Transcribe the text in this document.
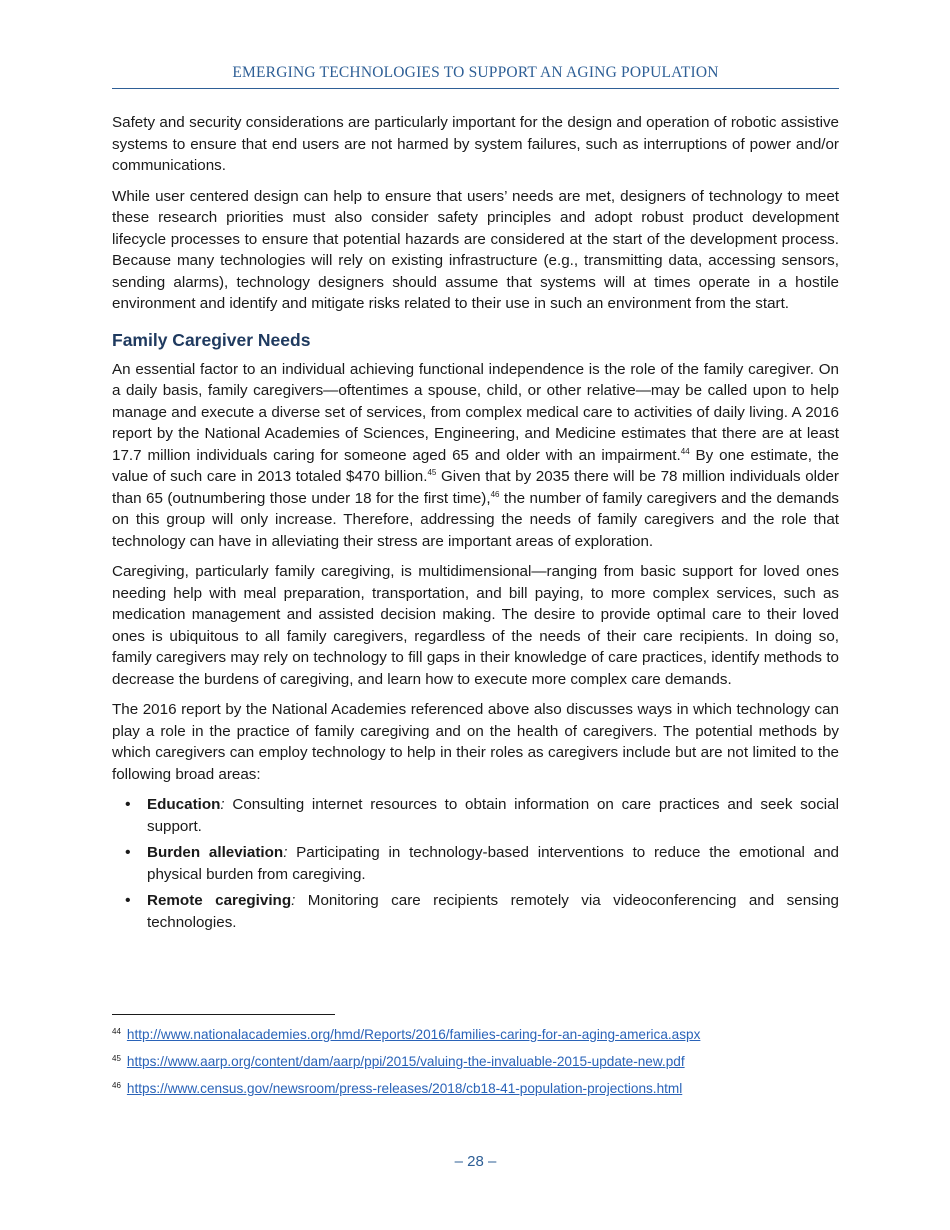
EMERGING TECHNOLOGIES TO SUPPORT AN AGING POPULATION

Safety and security considerations are particularly important for the design and operation of robotic assistive systems to ensure that end users are not harmed by system failures, such as interruptions of power and/or communications.

While user centered design can help to ensure that users’ needs are met, designers of technology to meet these research priorities must also consider safety principles and adopt robust product development lifecycle processes to ensure that potential hazards are considered at the start of the development process. Because many technologies will rely on existing infrastructure (e.g., transmitting data, accessing sensors, sending alarms), technology designers should assume that systems will at times operate in a hostile environment and identify and mitigate risks related to their use in such an environment from the start.

Family Caregiver Needs

An essential factor to an individual achieving functional independence is the role of the family caregiver. On a daily basis, family caregivers—oftentimes a spouse, child, or other relative—may be called upon to help manage and execute a diverse set of services, from complex medical care to activities of daily living. A 2016 report by the National Academies of Sciences, Engineering, and Medicine estimates that there are at least 17.7 million individuals caring for someone aged 65 and older with an impairment.$^{44}$ By one estimate, the value of such care in 2013 totaled $470 billion.$^{45}$ Given that by 2035 there will be 78 million individuals older than 65 (outnumbering those under 18 for the first time),$^{46}$ the number of family caregivers and the demands on this group will only increase. Therefore, addressing the needs of family caregivers and the role that technology can have in alleviating their stress are important areas of exploration.

Caregiving, particularly family caregiving, is multidimensional—ranging from basic support for loved ones needing help with meal preparation, transportation, and bill paying, to more complex services, such as medication management and assisted decision making. The desire to provide optimal care to their loved ones is ubiquitous to all family caregivers, regardless of the needs of their care recipients. In doing so, family caregivers may rely on technology to fill gaps in their knowledge of care practices, identify methods to decrease the burdens of caregiving, and learn how to execute more complex care demands.

The 2016 report by the National Academies referenced above also discusses ways in which technology can play a role in the practice of family caregiving and on the health of caregivers. The potential methods by which caregivers can employ technology to help in their roles as caregivers include but are not limited to the following broad areas:

• Education: Consulting internet resources to obtain information on care practices and seek social support.
• Burden alleviation: Participating in technology-based interventions to reduce the emotional and physical burden from caregiving.
• Remote caregiving: Monitoring care recipients remotely via videoconferencing and sensing technologies.
$^{44}$ http://www.nationalacademies.org/hmd/Reports/2016/families-caring-for-an-aging-america.aspx
$^{45}$ https://www.aarp.org/content/dam/aarp/ppi/2015/valuing-the-invaluable-2015-update-new.pdf
$^{46}$ https://www.census.gov/newsroom/press-releases/2018/cb18-41-population-projections.html
– 28 –
